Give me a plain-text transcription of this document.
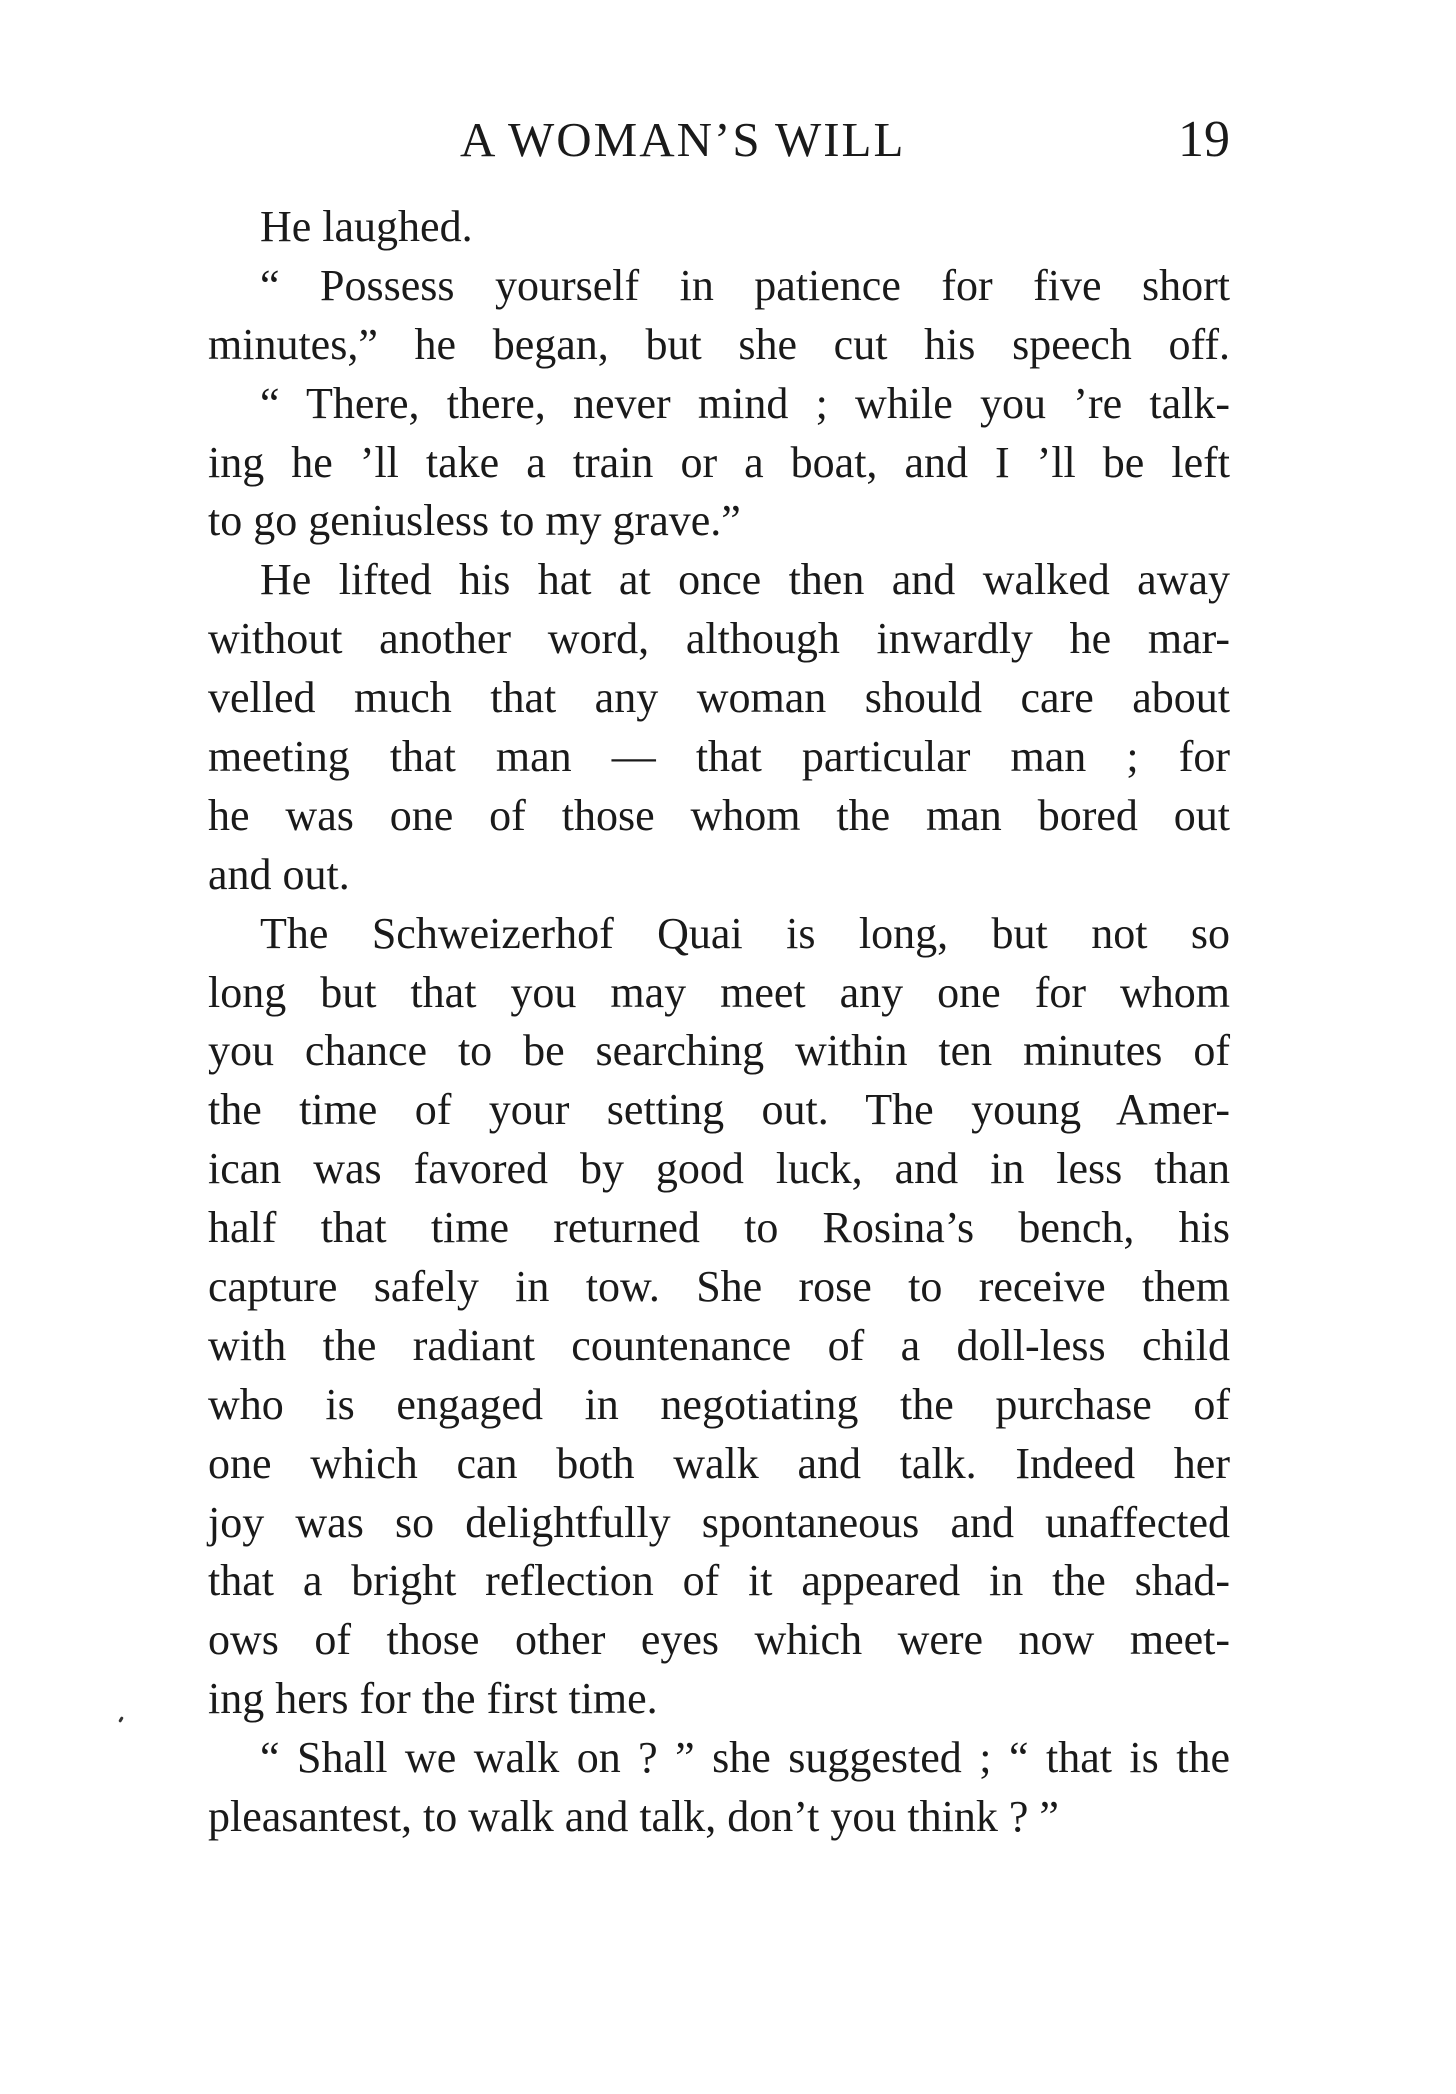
A WOMAN’S WILL	19
He laughed.
“ Possess yourself in patience for five short
minutes,” he began, but she cut his speech off.
“ There, there, never mind ; while you ’re talk-
ing he ’ll take a train or a boat, and I ’ll be left
to go geniusless to my grave.”
He lifted his hat at once then and walked away
without another word, although inwardly he mar-
velled much that any woman should care about
meeting that man — that particular man ; for
he was one of those whom the man bored out
and out.
The Schweizerhof Quai is long, but not so
long but that you may meet any one for whom
you chance to be searching within ten minutes of
the time of your setting out. The young Amer-
ican was favored by good luck, and in less than
half that time returned to Rosina’s bench, his
capture safely in tow. She rose to receive them
with the radiant countenance of a doll-less child
who is engaged in negotiating the purchase of
one which can both walk and talk. Indeed her
joy was so delightfully spontaneous and unaffected
that a bright reflection of it appeared in the shad-
ows of those other eyes which were now meet-
ing hers for the first time.
“ Shall we walk on ? ” she suggested ; “ that is the
pleasantest, to walk and talk, don’t you think ? ”
